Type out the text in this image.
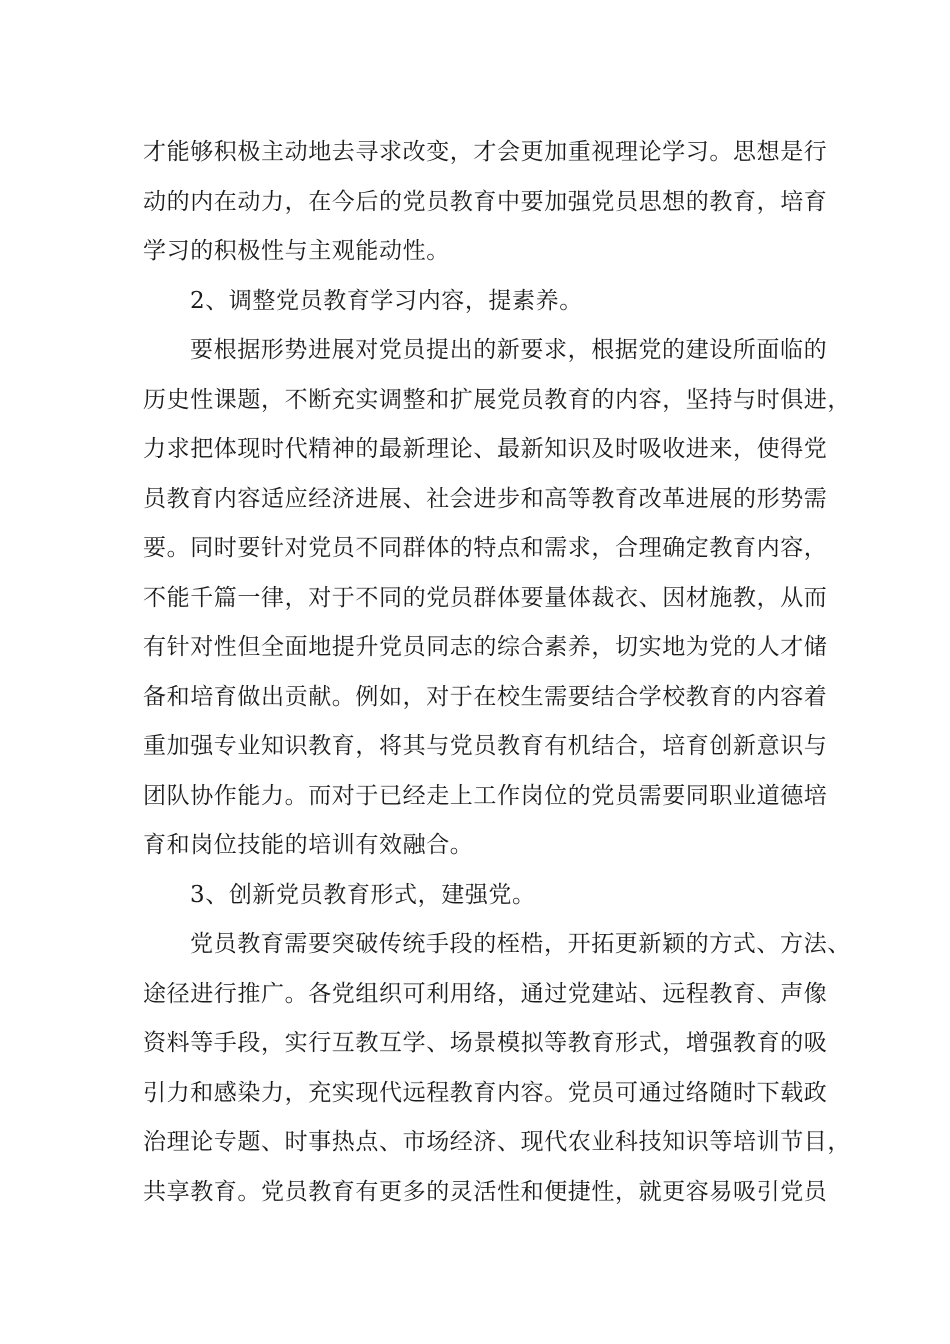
才能够积极主动地去寻求改变，才会更加重视理论学习。思想是行
动的内在动力，在今后的党员教育中要加强党员思想的教育，培育
学习的积极性与主观能动性。
2、调整党员教育学习内容，提素养。
要根据形势进展对党员提出的新要求，根据党的建设所面临的
历史性课题，不断充实调整和扩展党员教育的内容，坚持与时俱进，
力求把体现时代精神的最新理论、最新知识及时吸收进来，使得党
员教育内容适应经济进展、社会进步和高等教育改革进展的形势需
要。同时要针对党员不同群体的特点和需求，合理确定教育内容，
不能千篇一律，对于不同的党员群体要量体裁衣、因材施教，从而
有针对性但全面地提升党员同志的综合素养，切实地为党的人才储
备和培育做出贡献。例如，对于在校生需要结合学校教育的内容着
重加强专业知识教育，将其与党员教育有机结合，培育创新意识与
团队协作能力。而对于已经走上工作岗位的党员需要同职业道德培
育和岗位技能的培训有效融合。
3、创新党员教育形式，建强党。
党员教育需要突破传统手段的桎梏，开拓更新颖的方式、方法、
途径进行推广。各党组织可利用络，通过党建站、远程教育、声像
资料等手段，实行互教互学、场景模拟等教育形式，增强教育的吸
引力和感染力，充实现代远程教育内容。党员可通过络随时下载政
治理论专题、时事热点、市场经济、现代农业科技知识等培训节目，
共享教育。党员教育有更多的灵活性和便捷性，就更容易吸引党员
